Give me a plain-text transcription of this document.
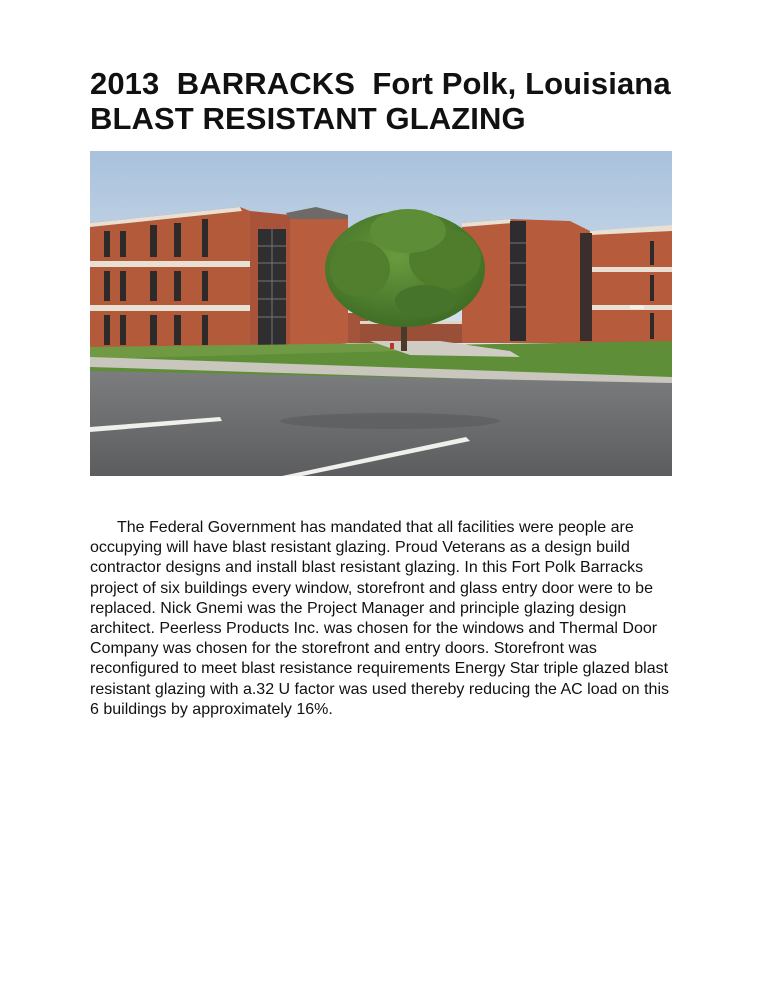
2013  BARRACKS  Fort Polk, Louisiana
BLAST RESISTANT GLAZING

The Federal Government has mandated that all facilities were people are occupying will have blast resistant glazing. Proud Veterans as a design build contractor designs and install blast resistant glazing. In this Fort Polk Barracks project of six buildings every window, storefront and glass entry door were to be replaced. Nick Gnemi was the Project Manager and principle glazing design architect. Peerless Products Inc. was chosen for the windows and Thermal Door Company was chosen for the storefront and entry doors. Storefront was reconfigured to meet blast resistance requirements Energy Star triple glazed blast resistant glazing with a.32 U factor was used thereby reducing the AC load on this 6 buildings by approximately 16%.
